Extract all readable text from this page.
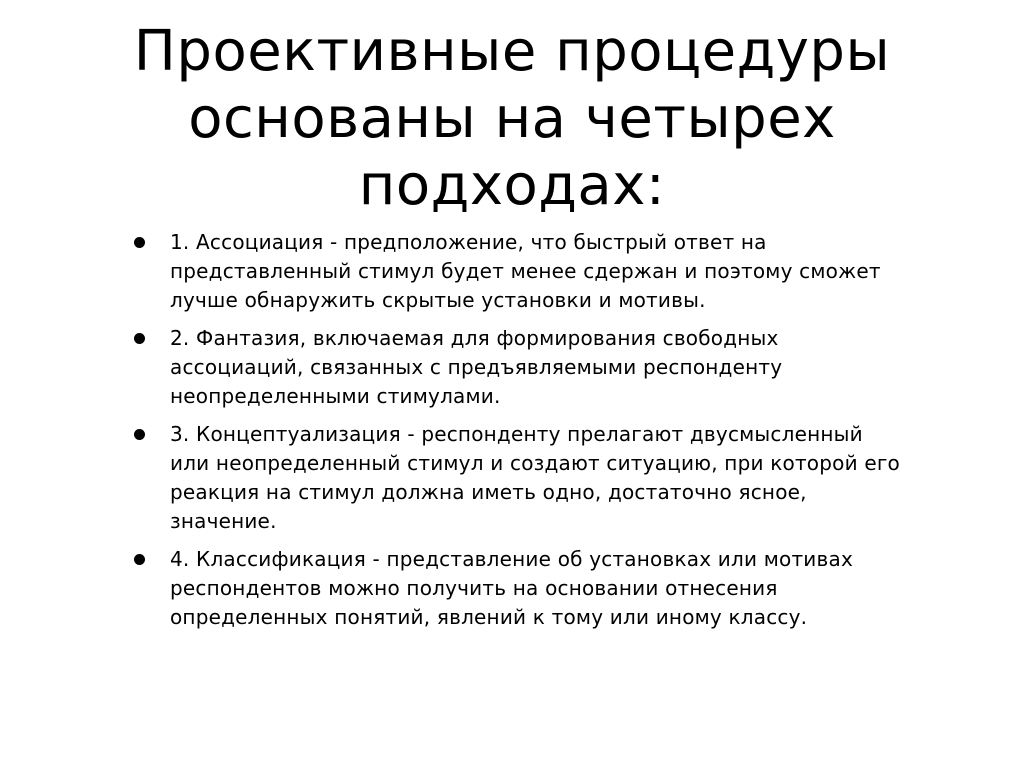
Проективные процедуры основаны на четырех подходах:
1. Ассоциация - предположение, что быстрый ответ на представленный стимул будет менее сдержан и поэтому сможет лучше обнаружить скрытые установки и мотивы.
2. Фантазия, включаемая для формирования свободных ассоциаций, связанных с предъявляемыми респонденту неопределенными стимулами.
3. Концептуализация - респонденту прелагают двусмысленный или неопределенный стимул и создают ситуацию, при которой его реакция на стимул должна иметь одно, достаточно ясное, значение.
4. Классификация - представление об установках или мотивах респондентов можно получить на основании отнесения определенных понятий, явлений к тому или иному классу.
